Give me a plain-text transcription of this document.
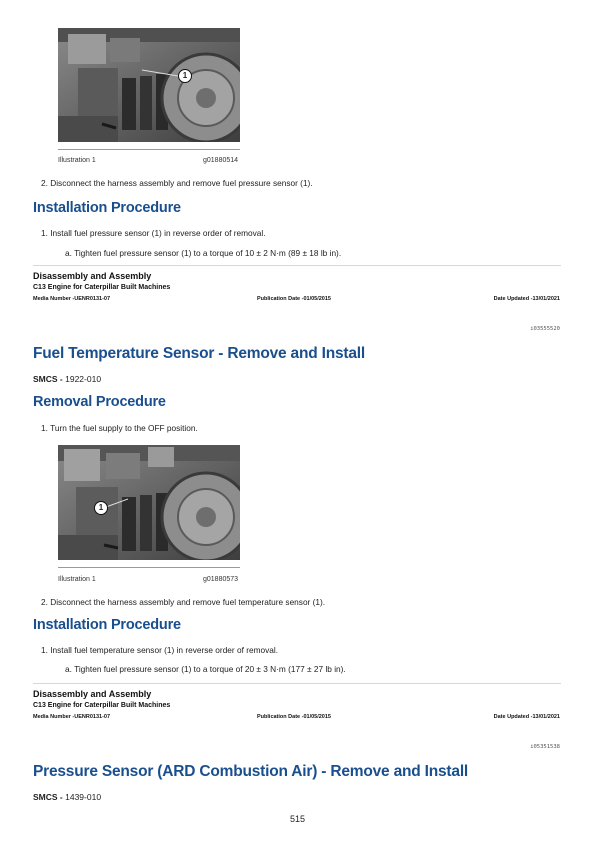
1
Illustration 1	g01880514
2. Disconnect the harness assembly and remove fuel pressure sensor (1).
Installation Procedure
1. Install fuel pressure sensor (1) in reverse order of removal.
a. Tighten fuel pressure sensor (1) to a torque of 10 ± 2 N·m (89 ± 18 lb in).
Disassembly and Assembly
C13 Engine for Caterpillar Built Machines
Media Number -UENR0131-07	Publication Date -01/05/2015	Date Updated -13/01/2021
i03555520
Fuel Temperature Sensor - Remove and Install
SMCS - 1922-010
Removal Procedure
1. Turn the fuel supply to the OFF position.
1
Illustration 1	g01880573
2. Disconnect the harness assembly and remove fuel temperature sensor (1).
Installation Procedure
1. Install fuel temperature sensor (1) in reverse order of removal.
a. Tighten fuel pressure sensor (1) to a torque of 20 ± 3 N·m (177 ± 27 lb in).
Disassembly and Assembly
C13 Engine for Caterpillar Built Machines
Media Number -UENR0131-07	Publication Date -01/05/2015	Date Updated -13/01/2021
i05351538
Pressure Sensor (ARD Combustion Air) - Remove and Install
SMCS - 1439-010
515
